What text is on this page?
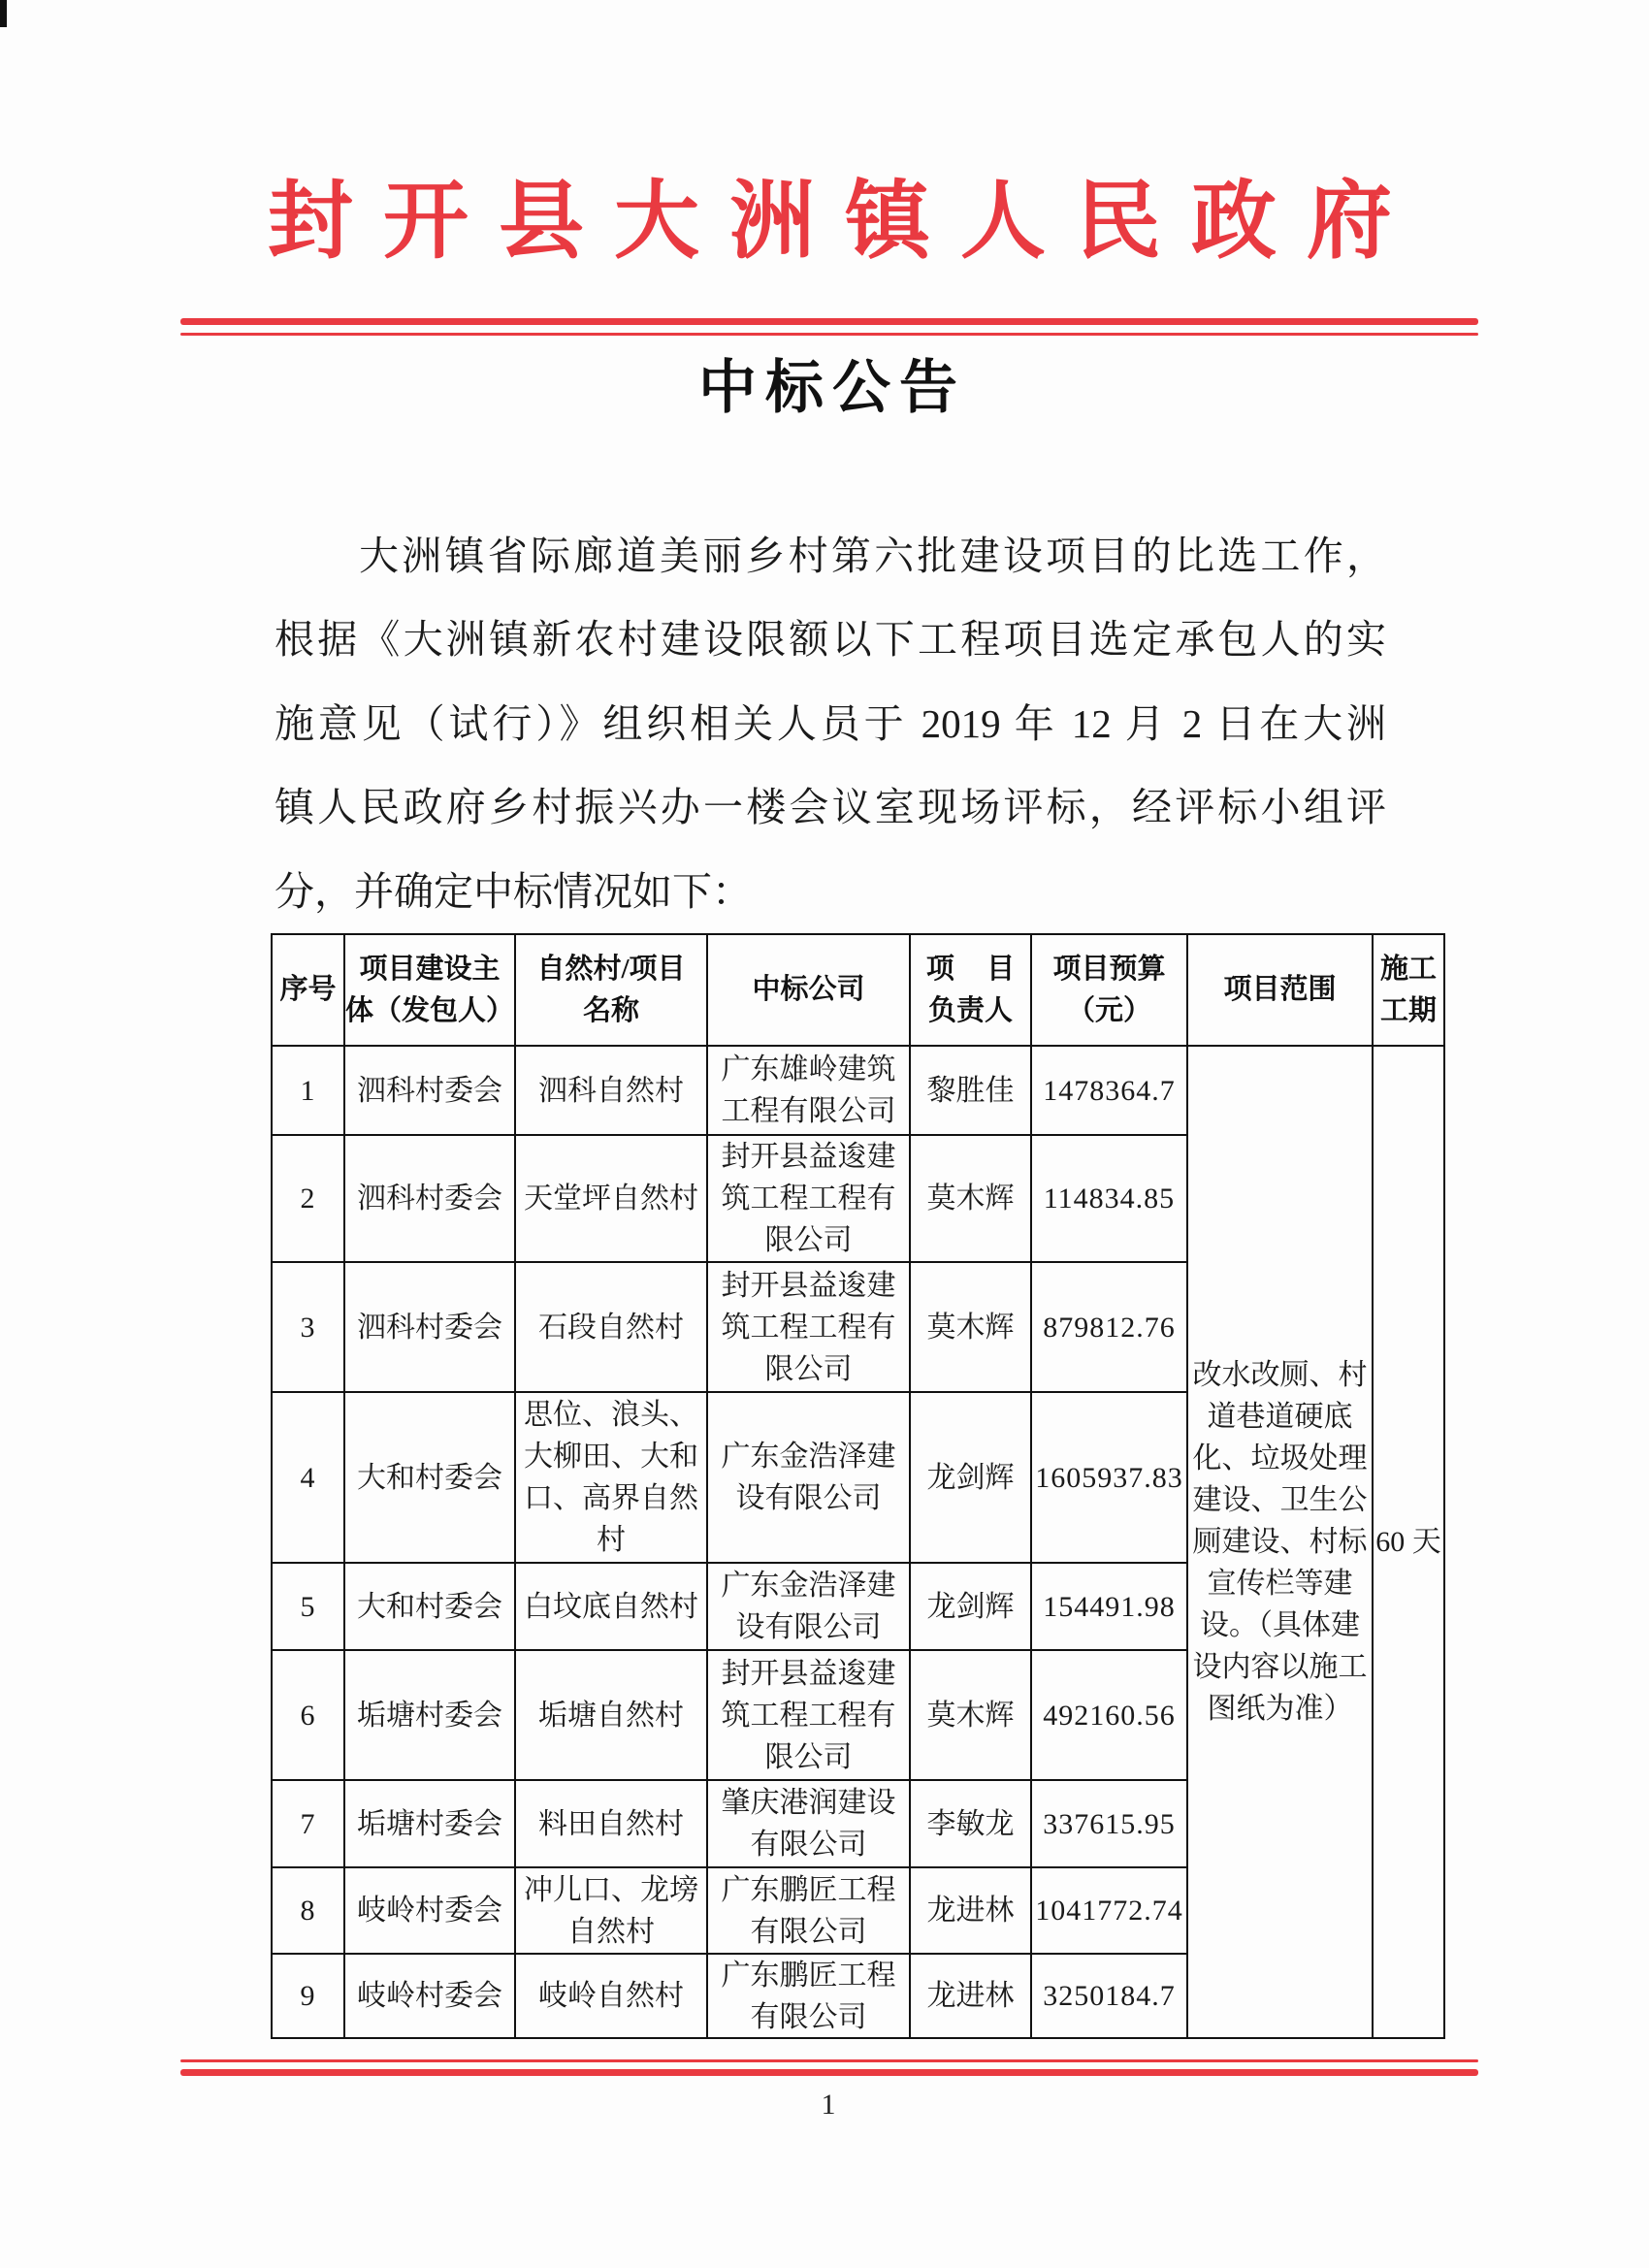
封开县大洲镇人民政府
中标公告
大洲镇省际廊道美丽乡村第六批建设项目的比选工作，
根据《大洲镇新农村建设限额以下工程项目选定承包人的实
施意见（试行）》组织相关人员于 2019 年 12 月 2 日在大洲
镇人民政府乡村振兴办一楼会议室现场评标，经评标小组评
分，并确定中标情况如下：
序号
项目建设主
体（发包人）
自然村/项目
名称
中标公司
项 目
负责人
项目预算
（元）
项目范围
施工
工期
1 泗科村委会 泗科自然村
广东雄岭建筑
工程有限公司
黎胜佳 1478364.7
2 泗科村委会 天堂坪自然村
封开县益逡建
筑工程工程有
限公司
莫木辉 114834.85
3 泗科村委会 石段自然村
封开县益逡建
筑工程工程有
限公司
莫木辉 879812.76
4 大和村委会
思位、浪头、
大柳田、大和
口、高界自然
村
广东金浩泽建
设有限公司
龙剑辉 1605937.83
5 大和村委会 白坟底自然村
广东金浩泽建
设有限公司
龙剑辉 154491.98
6 垢塘村委会 垢塘自然村
封开县益逡建
筑工程工程有
限公司
莫木辉 492160.56
7 垢塘村委会 料田自然村
肇庆港润建设
有限公司
李敏龙 337615.95
8 岐岭村委会
冲儿口、龙塝
自然村
广东鹏匠工程
有限公司
龙进林 1041772.74
9 岐岭村委会 岐岭自然村
广东鹏匠工程
有限公司
龙进林 3250184.7
改水改厕、村
道巷道硬底
化、垃圾处理
建设、卫生公
厕建设、村标
宣传栏等建
设。（具体建
设内容以施工
图纸为准）
60 天
1
